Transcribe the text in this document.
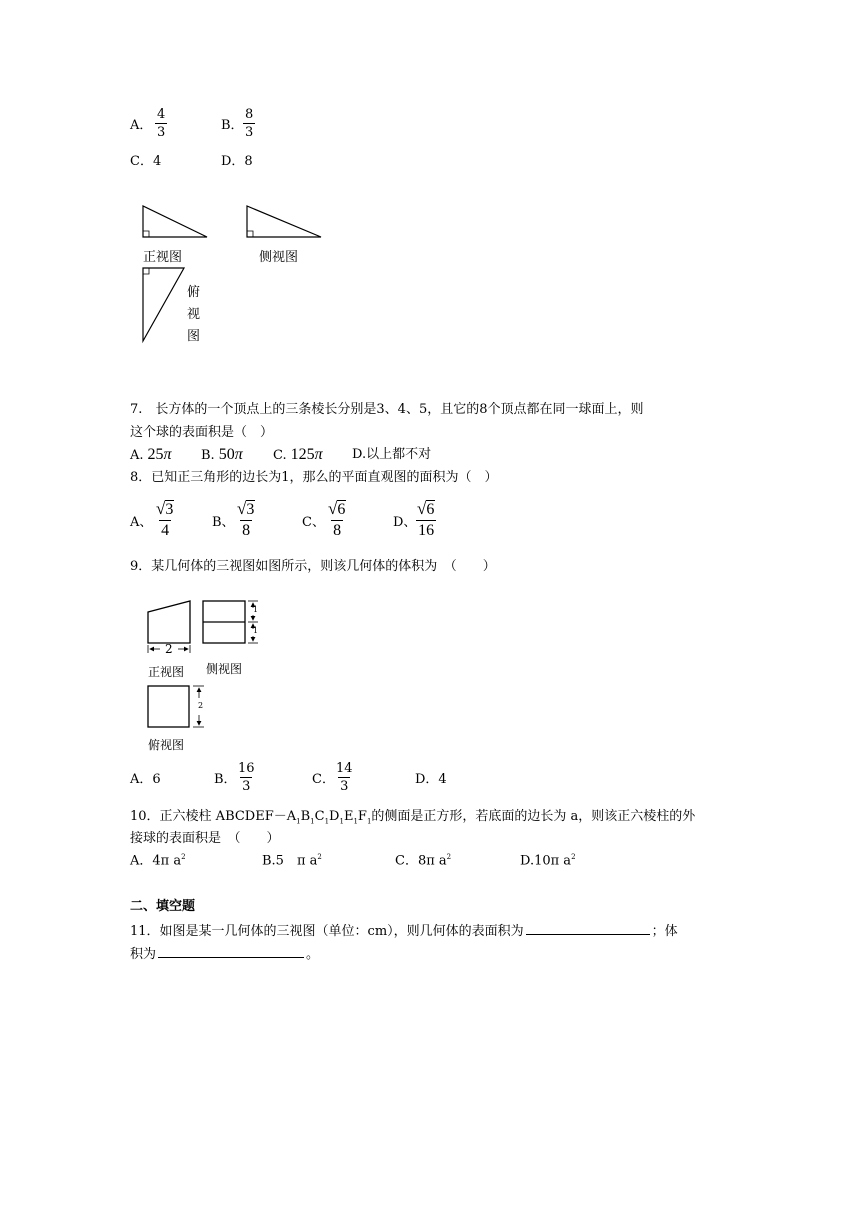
A． $\frac{4}{3}$	B． $\frac{8}{3}$
C．4	D．8
正视图	侧视图
俯
视
图
7.　长方体的一个顶点上的三条棱长分别是3、4、5，且它的8个顶点都在同一球面上，则
这个球的表面积是（　）
A. 25π B. 50π C. 125π D.以上都不对
8．已知正三角形的边长为1，那么的平面直观图的面积为（　）
A、 $\frac{√ 3}{4}$	B、 $\frac{√ 3}{8}$	C、 $\frac{√ 6}{8}$	D、
$\frac{√ 6}{16}$
9．某几何体的三视图如图所示，则该几何体的体积为　（　　）
2
1
1
2
正视图 侧视图
俯视图
A．6	B． $\frac{16}{3}$	C． $\frac{14}{3}$	D．4
10．正六棱柱 $ABCDEF-A_1B_1C_1D_1E_1F_1$的侧面是正方形，若底面的边长为 a，则该正六棱柱的外
接球的表面积是　（　　）
A．4π $a^2$	B.5　π $a^2$	C．8π $a^2$	D.10π $a^2$
二、填空题
11．如图是某一几何体的三视图（单位：cm），则几何体的表面积为	；体
积为	。
